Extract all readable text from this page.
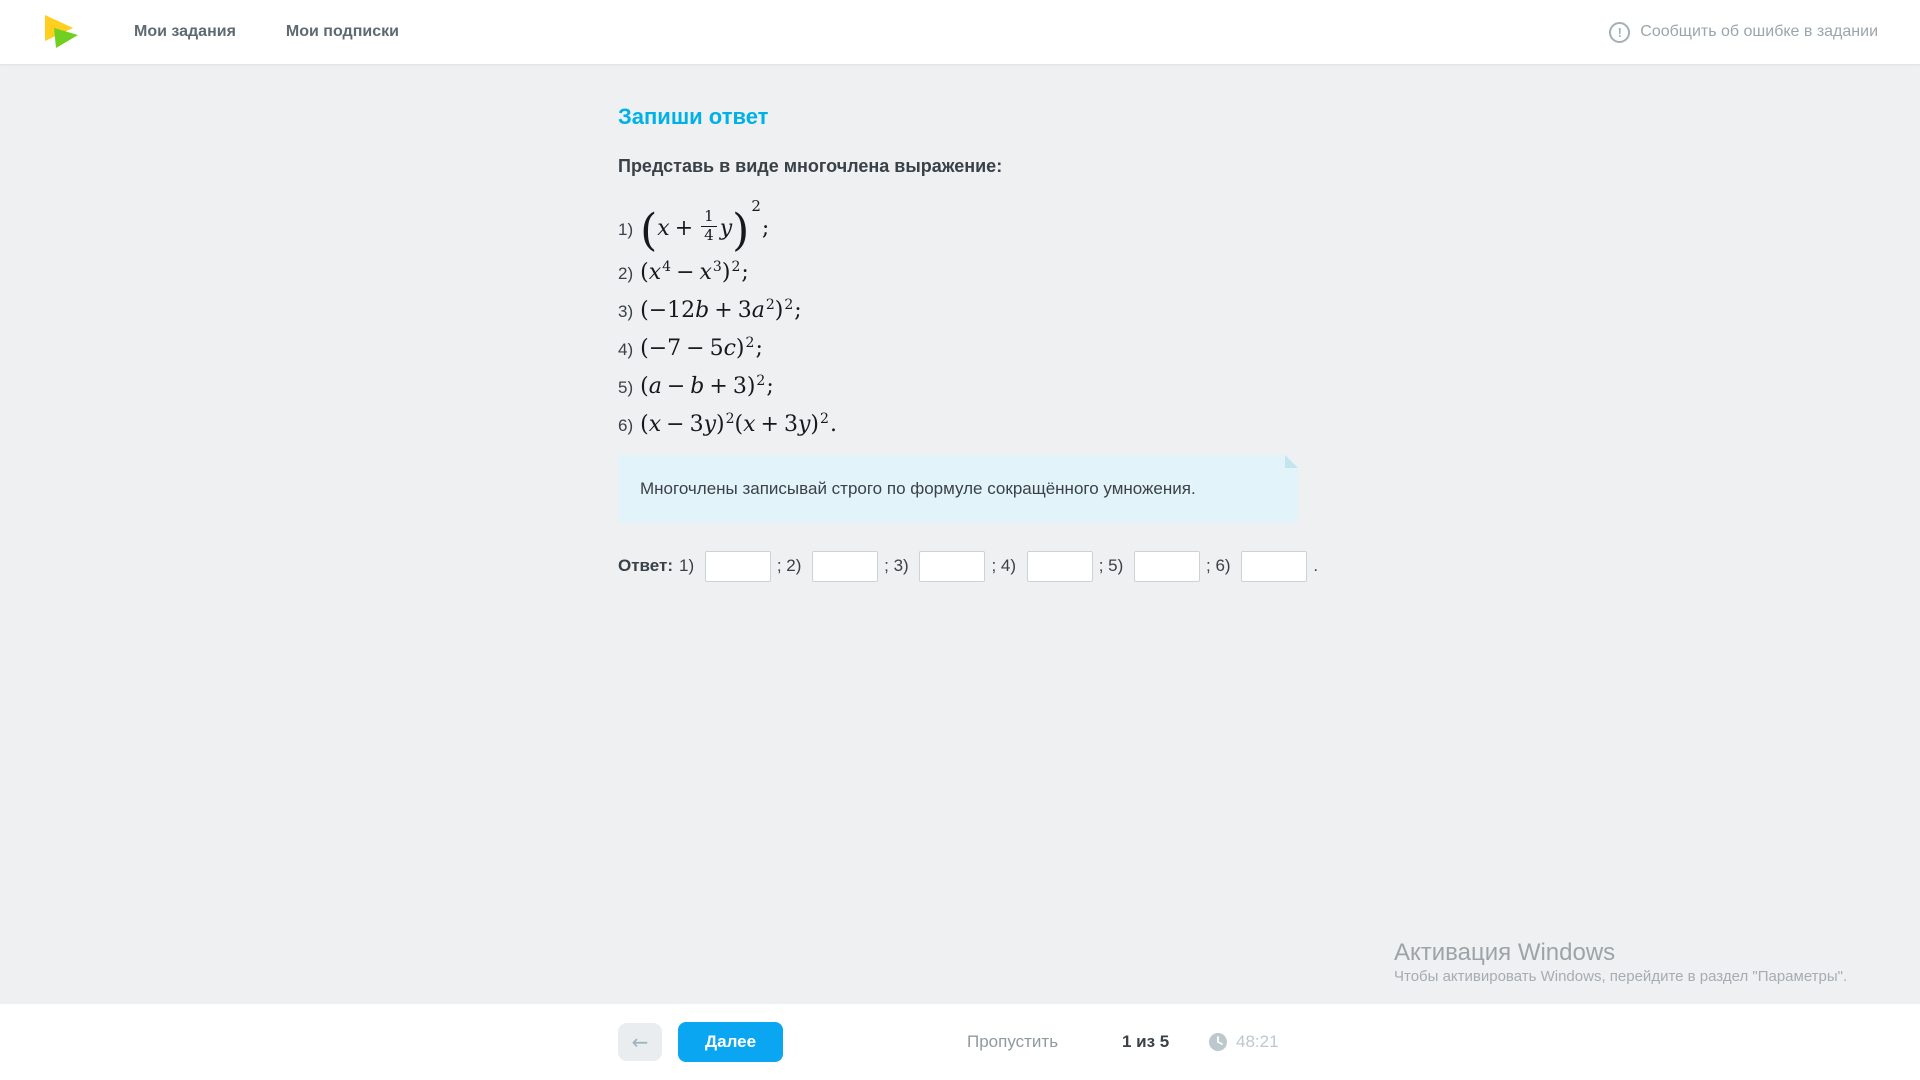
Мои задания	Мои подписки	!	Сообщить об ошибке в задании
Запиши ответ
Представь в виде многочлена выражение:
1) $(x + \frac{1}{4} y)$ $^2$;
2) $(x^4 - x^3)^2$;
3) $(-12b + 3a^2)^2$;
4) $(-7 - 5c)^2$;
5) $(a - b + 3)^2$;
6) $(x - 3y)^2(x + 3y)^2$.
Многочлены записывай строго по формуле сокращённого умножения.
Ответ: 1)	; 2)	; 3)	; 4)	; 5)	; 6)	.
Активация Windows
Чтобы активировать Windows, перейдите в раздел "Параметры".
←	Далее	Пропустить	1 из 5	48:21
